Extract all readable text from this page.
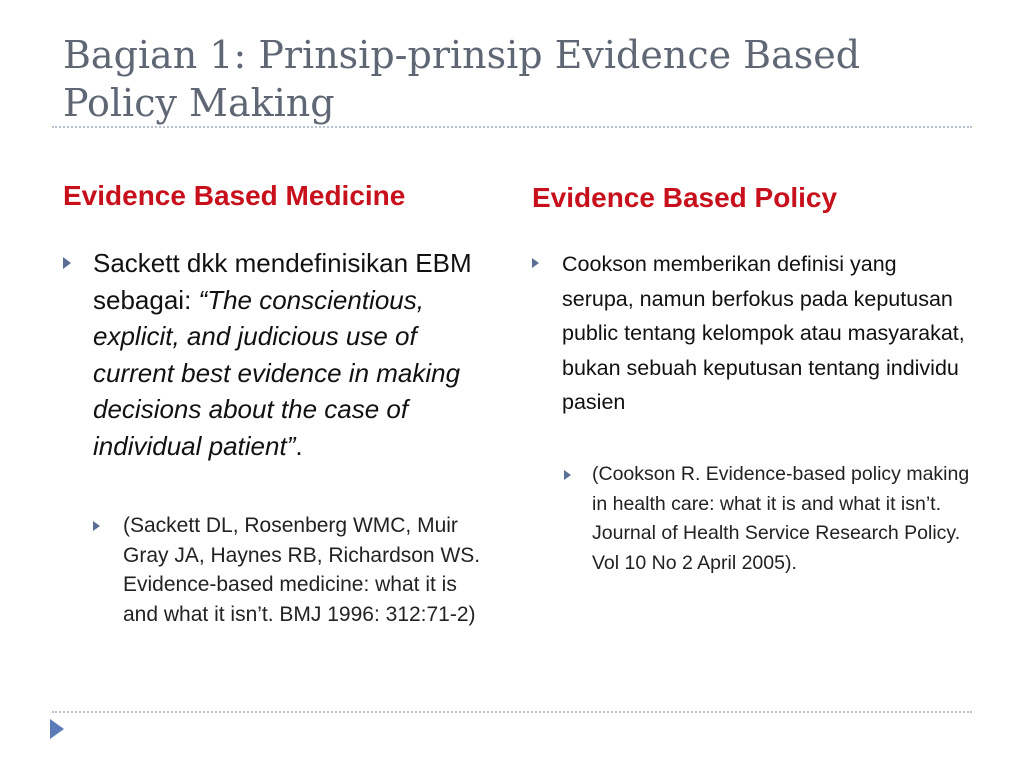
Bagian 1: Prinsip-prinsip Evidence Based Policy Making
Evidence Based Medicine
Sackett dkk mendefinisikan EBM sebagai: “The conscientious, explicit, and judicious use of current best evidence in making decisions about the case of individual patient”.
(Sackett DL, Rosenberg WMC, Muir Gray JA, Haynes RB, Richardson WS. Evidence-based medicine: what it is and what it isn’t. BMJ 1996: 312:71-2)
Evidence Based Policy
Cookson memberikan definisi yang serupa, namun berfokus pada keputusan public tentang kelompok atau masyarakat, bukan sebuah keputusan tentang individu pasien
(Cookson R. Evidence-based policy making in health care: what it is and what it isn’t. Journal of Health Service Research Policy. Vol 10 No 2 April 2005).
